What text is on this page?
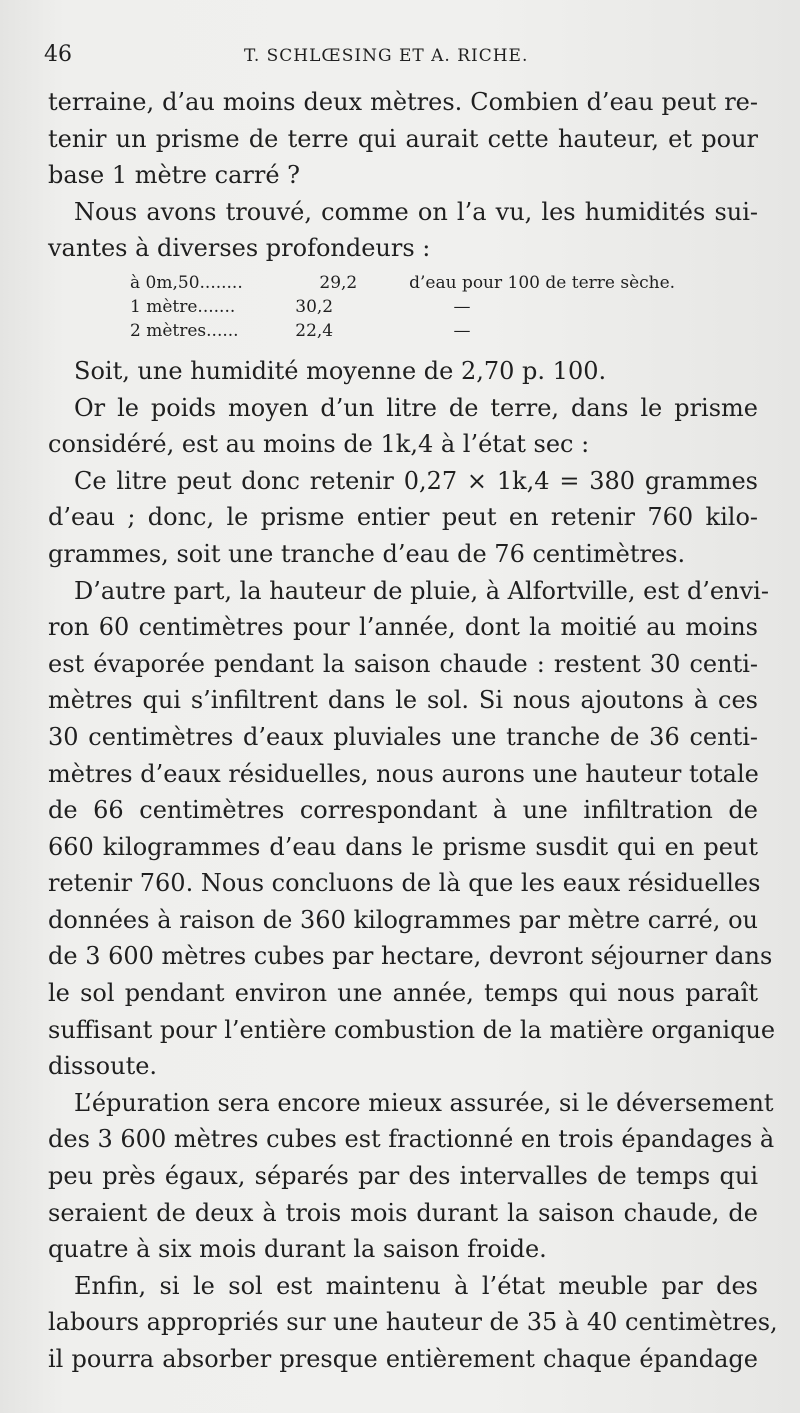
46	T. SCHLŒSING ET A. RICHE.
terraine, d’au moins deux mètres. Combien d’eau peut re-
tenir un prisme de terre qui aurait cette hauteur, et pour
base 1 mètre carré ?
Nous avons trouvé, comme on l’a vu, les humidités sui-
vantes à diverses profondeurs :
à 0m,50........	29,2	d’eau pour 100 de terre sèche.
1 mètre.......	30,2	—
2 mètres......	22,4	—
Soit, une humidité moyenne de 2,70 p. 100.
Or le poids moyen d’un litre de terre, dans le prisme
considéré, est au moins de 1k,4 à l’état sec :
Ce litre peut donc retenir 0,27 × 1k,4 = 380 grammes
d’eau ; donc, le prisme entier peut en retenir 760 kilo-
grammes, soit une tranche d’eau de 76 centimètres.
D’autre part, la hauteur de pluie, à Alfortville, est d’envi-
ron 60 centimètres pour l’année, dont la moitié au moins
est évaporée pendant la saison chaude : restent 30 centi-
mètres qui s’infiltrent dans le sol. Si nous ajoutons à ces
30 centimètres d’eaux pluviales une tranche de 36 centi-
mètres d’eaux résiduelles, nous aurons une hauteur totale
de 66 centimètres correspondant à une infiltration de
660 kilogrammes d’eau dans le prisme susdit qui en peut
retenir 760. Nous concluons de là que les eaux résiduelles
données à raison de 360 kilogrammes par mètre carré, ou
de 3 600 mètres cubes par hectare, devront séjourner dans
le sol pendant environ une année, temps qui nous paraît
suffisant pour l’entière combustion de la matière organique
dissoute.
L’épuration sera encore mieux assurée, si le déversement
des 3 600 mètres cubes est fractionné en trois épandages à
peu près égaux, séparés par des intervalles de temps qui
seraient de deux à trois mois durant la saison chaude, de
quatre à six mois durant la saison froide.
Enfin, si le sol est maintenu à l’état meuble par des
labours appropriés sur une hauteur de 35 à 40 centimètres,
il pourra absorber presque entièrement chaque épandage
